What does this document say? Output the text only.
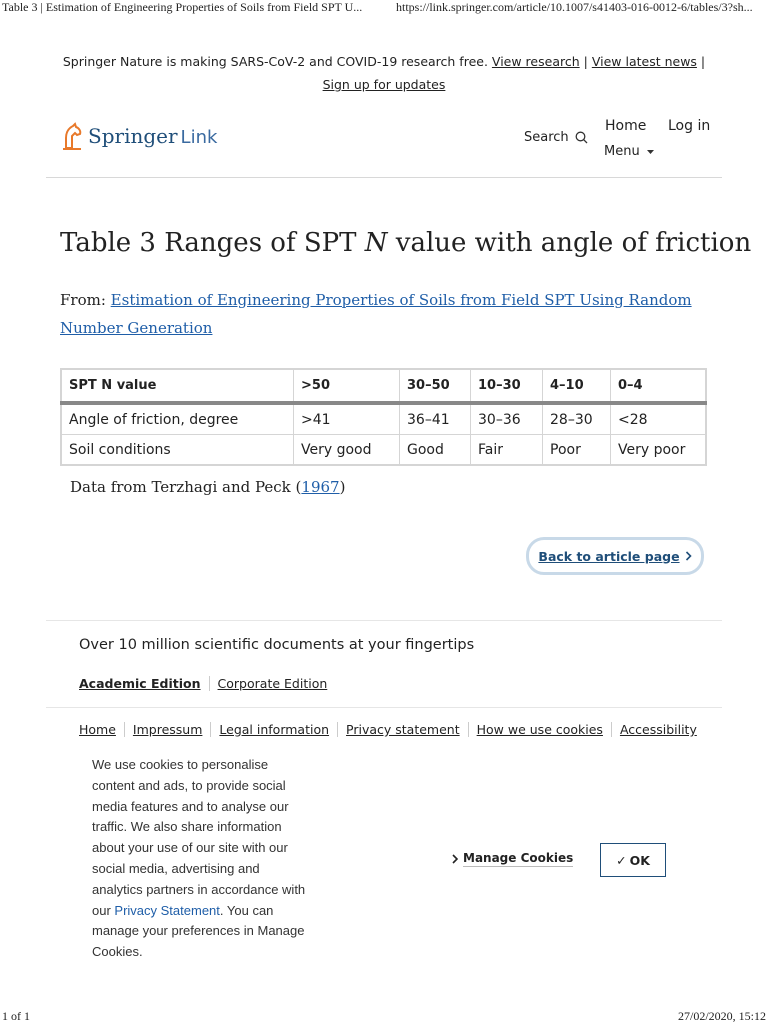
Table 3 | Estimation of Engineering Properties of Soils from Field SPT U...	https://link.springer.com/article/10.1007/s41403-016-0012-6/tables/3?sh...
Springer Nature is making SARS-CoV-2 and COVID-19 research free. View research | View latest news | Sign up for updates
Springer Link	Search
Home Log in
Menu
Table 3 Ranges of SPT N value with angle of friction
From: Estimation of Engineering Properties of Soils from Field SPT Using Random Number Generation
SPT N value	>50	30–50	10–30	4–10	0–4
Angle of friction, degree	>41	36–41	30–36	28–30	<28
Soil conditions	Very good	Good	Fair	Poor	Very poor
Data from Terzhagi and Peck (1967)
Back to article page
Over 10 million scientific documents at your fingertips
Academic Edition	Corporate Edition
Home	Impressum	Legal information	Privacy statement	How we use cookies	Accessibility
We use cookies to personalise content and ads, to provide social media features and to analyse our traffic. We also share information about your use of our site with our social media, advertising and analytics partners in accordance with our Privacy Statement. You can manage your preferences in Manage Cookies.
Manage Cookies	✓ OK
1 of 1	27/02/2020, 15:12
